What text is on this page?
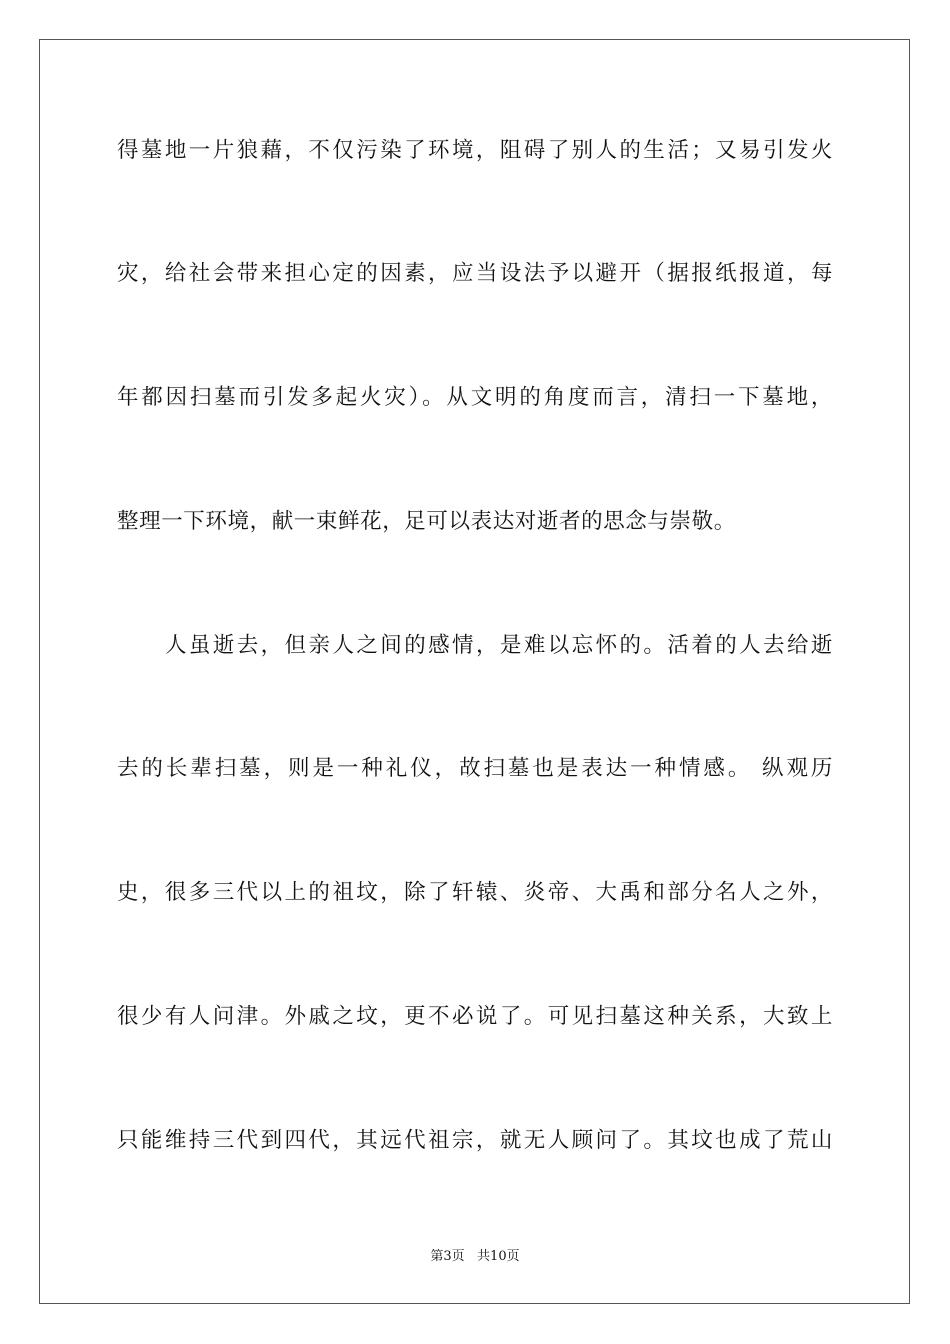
得墓地一片狼藉，不仅污染了环境，阻碍了别人的生活；又易引发火
灾，给社会带来担心定的因素，应当设法予以避开（据报纸报道，每
年都因扫墓而引发多起火灾）。从文明的角度而言，清扫一下墓地，
整理一下环境，献一束鲜花，足可以表达对逝者的思念与崇敬。
人虽逝去，但亲人之间的感情，是难以忘怀的。活着的人去给逝
去的长辈扫墓，则是一种礼仪，故扫墓也是表达一种情感。 纵观历
史，很多三代以上的祖坟，除了轩辕、炎帝、大禹和部分名人之外，
很少有人问津。外戚之坟，更不必说了。可见扫墓这种关系，大致上
只能维持三代到四代，其远代祖宗，就无人顾问了。其坟也成了荒山
第3页   共10页
